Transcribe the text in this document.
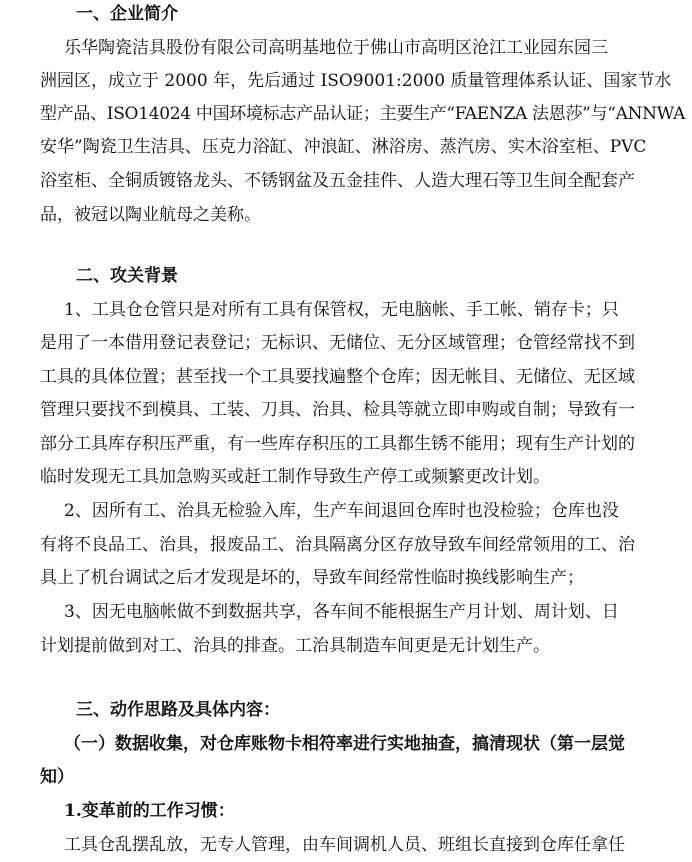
一、企业简介
乐华陶瓷洁具股份有限公司高明基地位于佛山市高明区沧江工业园东园三
洲园区，成立于 2000 年，先后通过 ISO9001:2000 质量管理体系认证、国家节水
型产品、ISO14024 中国环境标志产品认证；主要生产“FAENZA 法恩莎”与“ANNWA
安华”陶瓷卫生洁具、压克力浴缸、冲浪缸、淋浴房、蒸汽房、实木浴室柜、PVC
浴室柜、全铜质镀铬龙头、不锈钢盆及五金挂件、人造大理石等卫生间全配套产
品，被冠以陶业航母之美称。
二、攻关背景
1、工具仓仓管只是对所有工具有保管权，无电脑帐、手工帐、销存卡；只
是用了一本借用登记表登记；无标识、无储位、无分区域管理；仓管经常找不到
工具的具体位置；甚至找一个工具要找遍整个仓库；因无帐目、无储位、无区域
管理只要找不到模具、工装、刀具、治具、检具等就立即申购或自制；导致有一
部分工具库存积压严重，有一些库存积压的工具都生锈不能用；现有生产计划的
临时发现无工具加急购买或赶工制作导致生产停工或频繁更改计划。
2、因所有工、治具无检验入库，生产车间退回仓库时也没检验；仓库也没
有将不良品工、治具，报废品工、治具隔离分区存放导致车间经常领用的工、治
具上了机台调试之后才发现是坏的，导致车间经常性临时换线影响生产；
3、因无电脑帐做不到数据共享，各车间不能根据生产月计划、周计划、日
计划提前做到对工、治具的排查。工治具制造车间更是无计划生产。
三、动作思路及具体内容：
（一）数据收集，对仓库账物卡相符率进行实地抽查，搞清现状（第一层觉
知）
1.变革前的工作习惯：
工具仓乱摆乱放，无专人管理，由车间调机人员、班组长直接到仓库任拿任
